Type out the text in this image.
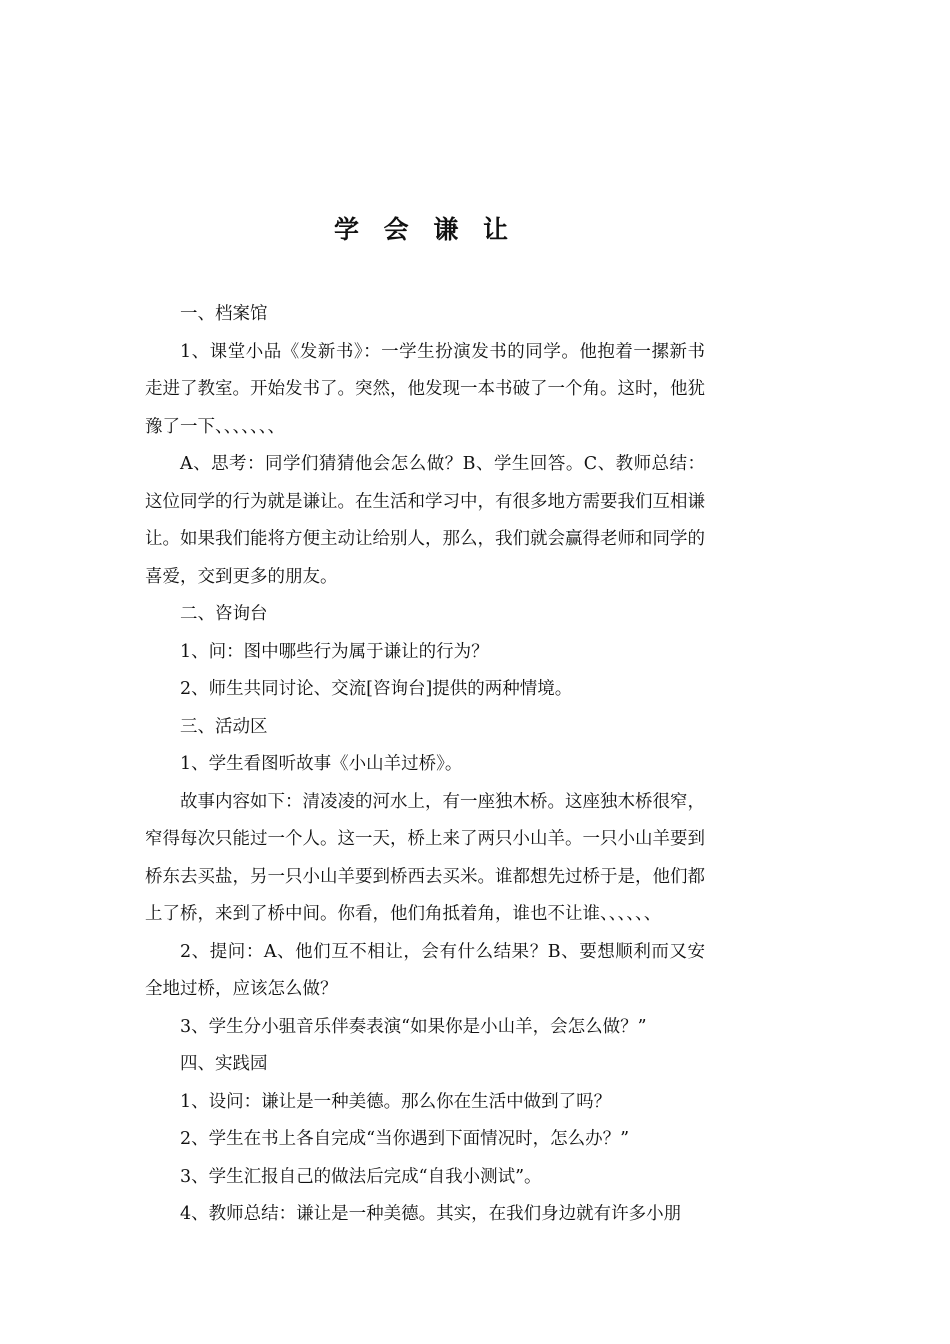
学 会 谦 让

一、档案馆

1、课堂小品《发新书》：一学生扮演发书的同学。他抱着一摞新书走进了教室。开始发书了。突然，他发现一本书破了一个角。这时，他犹豫了一下、、、、、、、

A、思考：同学们猜猜他会怎么做？B、学生回答。C、教师总结：这位同学的行为就是谦让。在生活和学习中，有很多地方需要我们互相谦让。如果我们能将方便主动让给别人，那么，我们就会赢得老师和同学的喜爱，交到更多的朋友。

二、咨询台

1、问：图中哪些行为属于谦让的行为？

2、师生共同讨论、交流[咨询台]提供的两种情境。

三、活动区

1、学生看图听故事《小山羊过桥》。

故事内容如下：清凌凌的河水上，有一座独木桥。这座独木桥很窄，窄得每次只能过一个人。这一天，桥上来了两只小山羊。一只小山羊要到桥东去买盐，另一只小山羊要到桥西去买米。谁都想先过桥于是，他们都上了桥，来到了桥中间。你看，他们角抵着角，谁也不让谁、、、、、、

2、提问：A、他们互不相让，会有什么结果？B、要想顺利而又安全地过桥，应该怎么做？

3、学生分小驵音乐伴奏表演“如果你是小山羊，会怎么做？”

四、实践园

1、设问：谦让是一种美德。那么你在生活中做到了吗？

2、学生在书上各自完成“当你遇到下面情况时，怎么办？”

3、学生汇报自己的做法后完成“自我小测试”。

4、教师总结：谦让是一种美德。其实，在我们身边就有许多小朋
